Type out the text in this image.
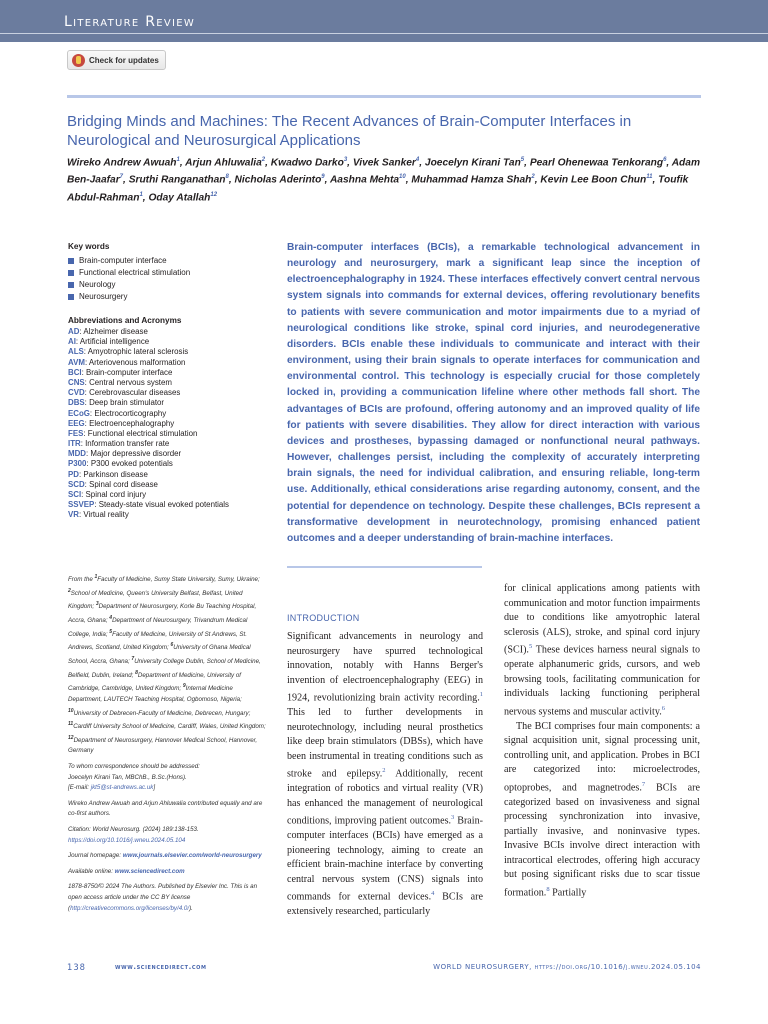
Literature Review
Check for updates
Bridging Minds and Machines: The Recent Advances of Brain-Computer Interfaces in Neurological and Neurosurgical Applications
Wireko Andrew Awuah$^1$, Arjun Ahluwalia$^2$, Kwadwo Darko$^3$, Vivek Sanker$^4$, Joecelyn Kirani Tan$^5$, Pearl Ohenewaa Tenkorang$^6$, Adam Ben-Jaafar$^7$, Sruthi Ranganathan$^8$, Nicholas Aderinto$^9$, Aashna Mehta$^{10}$, Muhammad Hamza Shah$^2$, Kevin Lee Boon Chun$^{11}$, Toufik Abdul-Rahman$^1$, Oday Atallah$^{12}$
Key words
Brain-computer interface
Functional electrical stimulation
Neurology
Neurosurgery
Abbreviations and Acronyms
AD: Alzheimer disease
AI: Artificial intelligence
ALS: Amyotrophic lateral sclerosis
AVM: Arteriovenous malformation
BCI: Brain-computer interface
CNS: Central nervous system
CVD: Cerebrovascular diseases
DBS: Deep brain stimulator
ECoG: Electrocorticography
EEG: Electroencephalography
FES: Functional electrical stimulation
ITR: Information transfer rate
MDD: Major depressive disorder
P300: P300 evoked potentials
PD: Parkinson disease
SCD: Spinal cord disease
SCI: Spinal cord injury
SSVEP: Steady-state visual evoked potentials
VR: Virtual reality
Brain-computer interfaces (BCIs), a remarkable technological advancement in neurology and neurosurgery, mark a significant leap since the inception of electroencephalography in 1924. These interfaces effectively convert central nervous system signals into commands for external devices, offering revolutionary benefits to patients with severe communication and motor impairments due to a myriad of neurological conditions like stroke, spinal cord injuries, and neurodegenerative disorders. BCIs enable these individuals to communicate and interact with their environment, using their brain signals to operate interfaces for communication and environmental control. This technology is especially crucial for those completely locked in, providing a communication lifeline where other methods fall short. The advantages of BCIs are profound, offering autonomy and an improved quality of life for patients with severe disabilities. They allow for direct interaction with various devices and prostheses, bypassing damaged or nonfunctional neural pathways. However, challenges persist, including the complexity of accurately interpreting brain signals, the need for individual calibration, and ensuring reliable, long-term use. Additionally, ethical considerations arise regarding autonomy, consent, and the potential for dependence on technology. Despite these challenges, BCIs represent a transformative development in neurotechnology, promising enhanced patient outcomes and a deeper understanding of brain-machine interfaces.

From the $^1$Faculty of Medicine, Sumy State University, Sumy, Ukraine; $^2$School of Medicine, Queen's University Belfast, Belfast, United Kingdom; $^3$Department of Neurosurgery, Korle Bu Teaching Hospital, Accra, Ghana; $^4$Department of Neurosurgery, Trivandrum Medical College, India; $^5$Faculty of Medicine, University of St Andrews, St. Andrews, Scotland, United Kingdom; $^6$University of Ghana Medical School, Accra, Ghana; $^7$University College Dublin, School of Medicine, Belfield, Dublin, Ireland; $^8$Department of Medicine, University of Cambridge, Cambridge, United Kingdom; $^9$Internal Medicine Department, LAUTECH Teaching Hospital, Ogbomoso, Nigeria; $^{10}$University of Debrecen-Faculty of Medicine, Debrecen, Hungary; $^{11}$Cardiff University School of Medicine, Cardiff, Wales, United Kingdom; $^{12}$Department of Neurosurgery, Hannover Medical School, Hannover, Germany

To whom correspondence should be addressed:
Joecelyn Kirani Tan, MBChB., B.Sc.(Hons).
[E-mail: jkt5@st-andrews.ac.uk]

Wireko Andrew Awuah and Arjun Ahluwalia contributed equally and are co-first authors.

Citation: World Neurosurg. (2024) 189:138-153.
https://doi.org/10.1016/j.wneu.2024.05.104

Journal homepage: www.journals.elsevier.com/world-neurosurgery

Available online: www.sciencedirect.com

1878-8750/© 2024 The Authors. Published by Elsevier Inc. This is an open access article under the CC BY license (http://creativecommons.org/licenses/by/4.0/).

INTRODUCTION
Significant advancements in neurology and neurosurgery have spurred technological innovation, notably with Hanns Berger's invention of electroencephalography (EEG) in 1924, revolutionizing brain activity recording.$^1$ This led to further developments in neurotechnology, including neural prosthetics like deep brain stimulators (DBSs), which have been instrumental in treating conditions such as stroke and epilepsy.$^2$ Additionally, recent integration of robotics and virtual reality (VR) has enhanced the management of neurological conditions, improving patient outcomes.$^3$ Brain-computer interfaces (BCIs) have emerged as a pioneering technology, aiming to create an efficient brain-machine interface by converting central nervous system (CNS) signals into commands for external devices.$^4$ BCIs are extensively researched, particularly

for clinical applications among patients with communication and motor function impairments due to conditions like amyotrophic lateral sclerosis (ALS), stroke, and spinal cord injury (SCI).$^5$ These devices harness neural signals to operate alphanumeric grids, cursors, and web browsing tools, facilitating communication for individuals lacking functioning peripheral nervous systems and muscular activity.$^6$

The BCI comprises four main components: a signal acquisition unit, signal processing unit, controlling unit, and application. Probes in BCI are categorized into: microelectrodes, optoprobes, and magnetrodes.$^7$ BCIs are categorized based on invasiveness and signal processing synchronization into invasive, partially invasive, and noninvasive types. Invasive BCIs involve direct interaction with intracortical electrodes, offering high accuracy but posing significant risks due to scar tissue formation.$^8$ Partially

138	www.sciencedirect.com	WORLD NEUROSURGERY, https://doi.org/10.1016/j.wneu.2024.05.104
